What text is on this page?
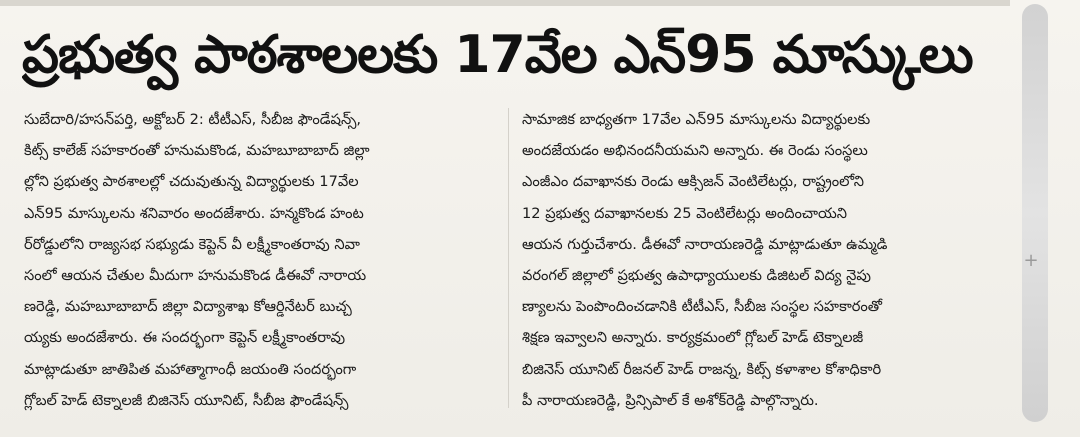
ప్రభుత్వ పాఠశాలలకు 17వేల ఎన్95 మాస్కులు
సుబేదారి/హసన్‌పర్తి, అక్టోబర్ 2: టీటీఎస్, సీబీజ ఫౌండేషన్స్,
కిట్స్ కాలేజ్ సహకారంతో హనుమకొండ, మహబూబాబాద్ జిల్లా
ల్లోని ప్రభుత్వ పాఠశాలల్లో చదువుతున్న విద్యార్థులకు 17వేల
ఎన్95 మాస్కులను శనివారం అందజేశారు. హన్మకొండ హంట
ర్‌రోడ్డులోని రాజ్యసభ సభ్యుడు కెప్టెన్ వీ లక్ష్మీకాంతరావు నివా
సంలో ఆయన చేతుల మీదుగా హనుమకొండ డీఈవో నారాయ
ణరెడ్డి, మహబూబాబాద్ జిల్లా విద్యాశాఖ కోఆర్డినేటర్ బుచ్చ
య్యకు అందజేశారు. ఈ సందర్భంగా కెప్టెన్ లక్ష్మీకాంతరావు
మాట్లాడుతూ జాతిపిత మహాత్మాగాంధీ జయంతి సందర్భంగా
గ్లోబల్ హెడ్ టెక్నాలజీ బిజినెస్ యూనిట్, సీబీజ ఫౌండేషన్స్
సామాజిక బాధ్యతగా 17వేల ఎన్95 మాస్కులను విద్యార్థులకు
అందజేయడం అభినందనీయమని అన్నారు. ఈ రెండు సంస్థలు
ఎంజీఎం దవాఖానకు రెండు ఆక్సిజన్ వెంటిలేటర్లు, రాష్ట్రంలోని
12 ప్రభుత్వ దవాఖానలకు 25 వెంటిలేటర్లు అందించాయని
ఆయన గుర్తుచేశారు. డీఈవో నారాయణరెడ్డి మాట్లాడుతూ ఉమ్మడి
వరంగల్ జిల్లాలో ప్రభుత్వ ఉపాధ్యాయులకు డిజిటల్ విద్య నైపు
ణ్యాలను పెంపొందించడానికి టీటీఎస్, సీబీజ సంస్థల సహకారంతో
శిక్షణ ఇవ్వాలని అన్నారు. కార్యక్రమంలో గ్లోబల్ హెడ్ టెక్నాలజీ
బిజినెస్ యూనిట్ రీజనల్ హెడ్ రాజన్న, కిట్స్ కళాశాల కోశాధికారి
పీ నారాయణరెడ్డి, ప్రిన్సిపాల్ కే అశోక్‌రెడ్డి పాల్గొన్నారు.
+
